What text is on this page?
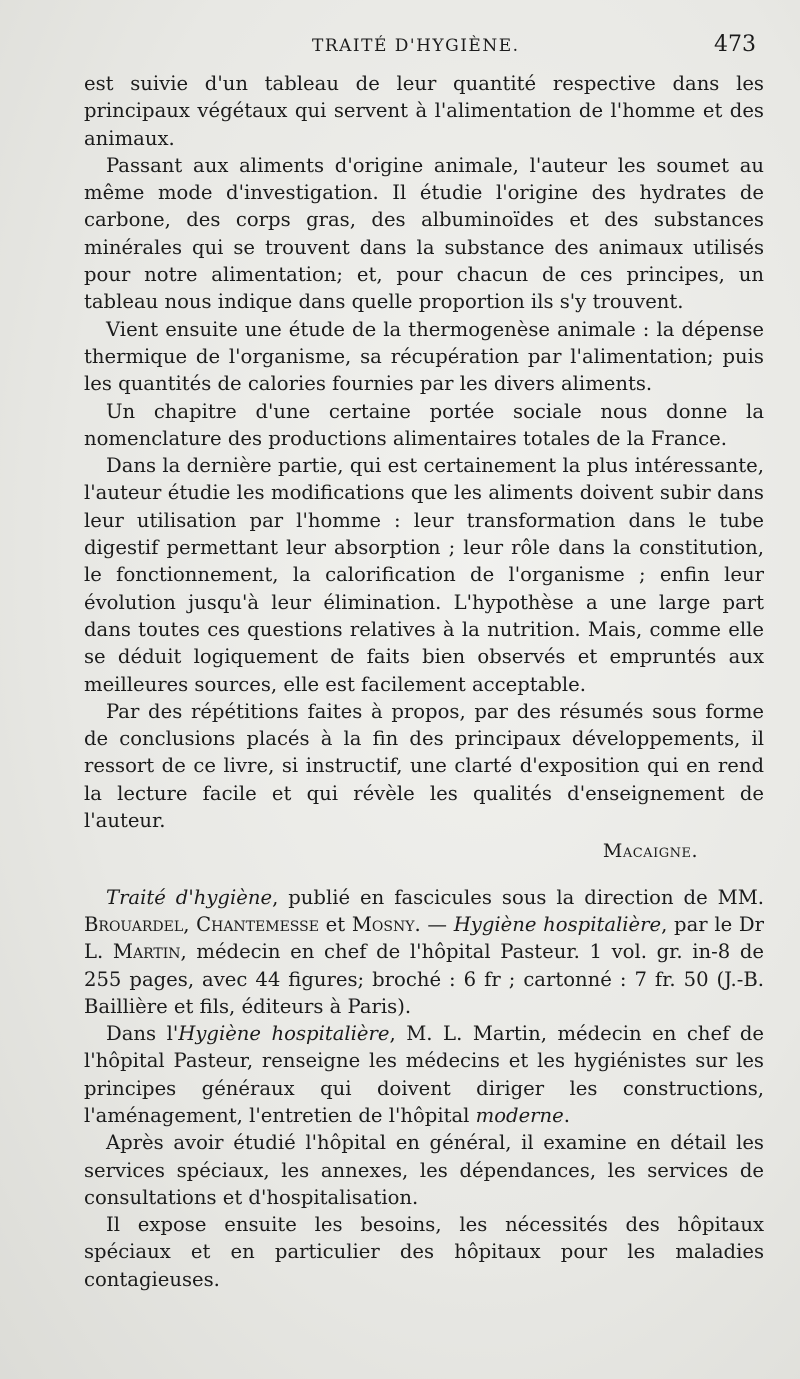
TRAITÉ D'HYGIÈNE.	473

est suivie d'un tableau de leur quantité respective dans les principaux végétaux qui servent à l'alimentation de l'homme et des animaux.

Passant aux aliments d'origine animale, l'auteur les soumet au même mode d'investigation. Il étudie l'origine des hydrates de carbone, des corps gras, des albuminoïdes et des substances minérales qui se trouvent dans la substance des animaux utilisés pour notre alimentation; et, pour chacun de ces principes, un tableau nous indique dans quelle proportion ils s'y trouvent.

Vient ensuite une étude de la thermogenèse animale : la dépense thermique de l'organisme, sa récupération par l'alimentation; puis les quantités de calories fournies par les divers aliments.

Un chapitre d'une certaine portée sociale nous donne la nomenclature des productions alimentaires totales de la France.

Dans la dernière partie, qui est certainement la plus intéressante, l'auteur étudie les modifications que les aliments doivent subir dans leur utilisation par l'homme : leur transformation dans le tube digestif permettant leur absorption ; leur rôle dans la constitution, le fonctionnement, la calorification de l'organisme ; enfin leur évolution jusqu'à leur élimination. L'hypothèse a une large part dans toutes ces questions relatives à la nutrition. Mais, comme elle se déduit logiquement de faits bien observés et empruntés aux meilleures sources, elle est facilement acceptable.

Par des répétitions faites à propos, par des résumés sous forme de conclusions placés à la fin des principaux développements, il ressort de ce livre, si instructif, une clarté d'exposition qui en rend la lecture facile et qui révèle les qualités d'enseignement de l'auteur.

Macaigne.

Traité d'hygiène, publié en fascicules sous la direction de MM. Brouardel, Chantemesse et Mosny. — Hygiène hospitalière, par le Dr L. Martin, médecin en chef de l'hôpital Pasteur. 1 vol. gr. in-8 de 255 pages, avec 44 figures; broché : 6 fr ; cartonné : 7 fr. 50 (J.-B. Baillière et fils, éditeurs à Paris).

Dans l'Hygiène hospitalière, M. L. Martin, médecin en chef de l'hôpital Pasteur, renseigne les médecins et les hygiénistes sur les principes généraux qui doivent diriger les constructions, l'aménagement, l'entretien de l'hôpital moderne.

Après avoir étudié l'hôpital en général, il examine en détail les services spéciaux, les annexes, les dépendances, les services de consultations et d'hospitalisation.

Il expose ensuite les besoins, les nécessités des hôpitaux spéciaux et en particulier des hôpitaux pour les maladies contagieuses.
